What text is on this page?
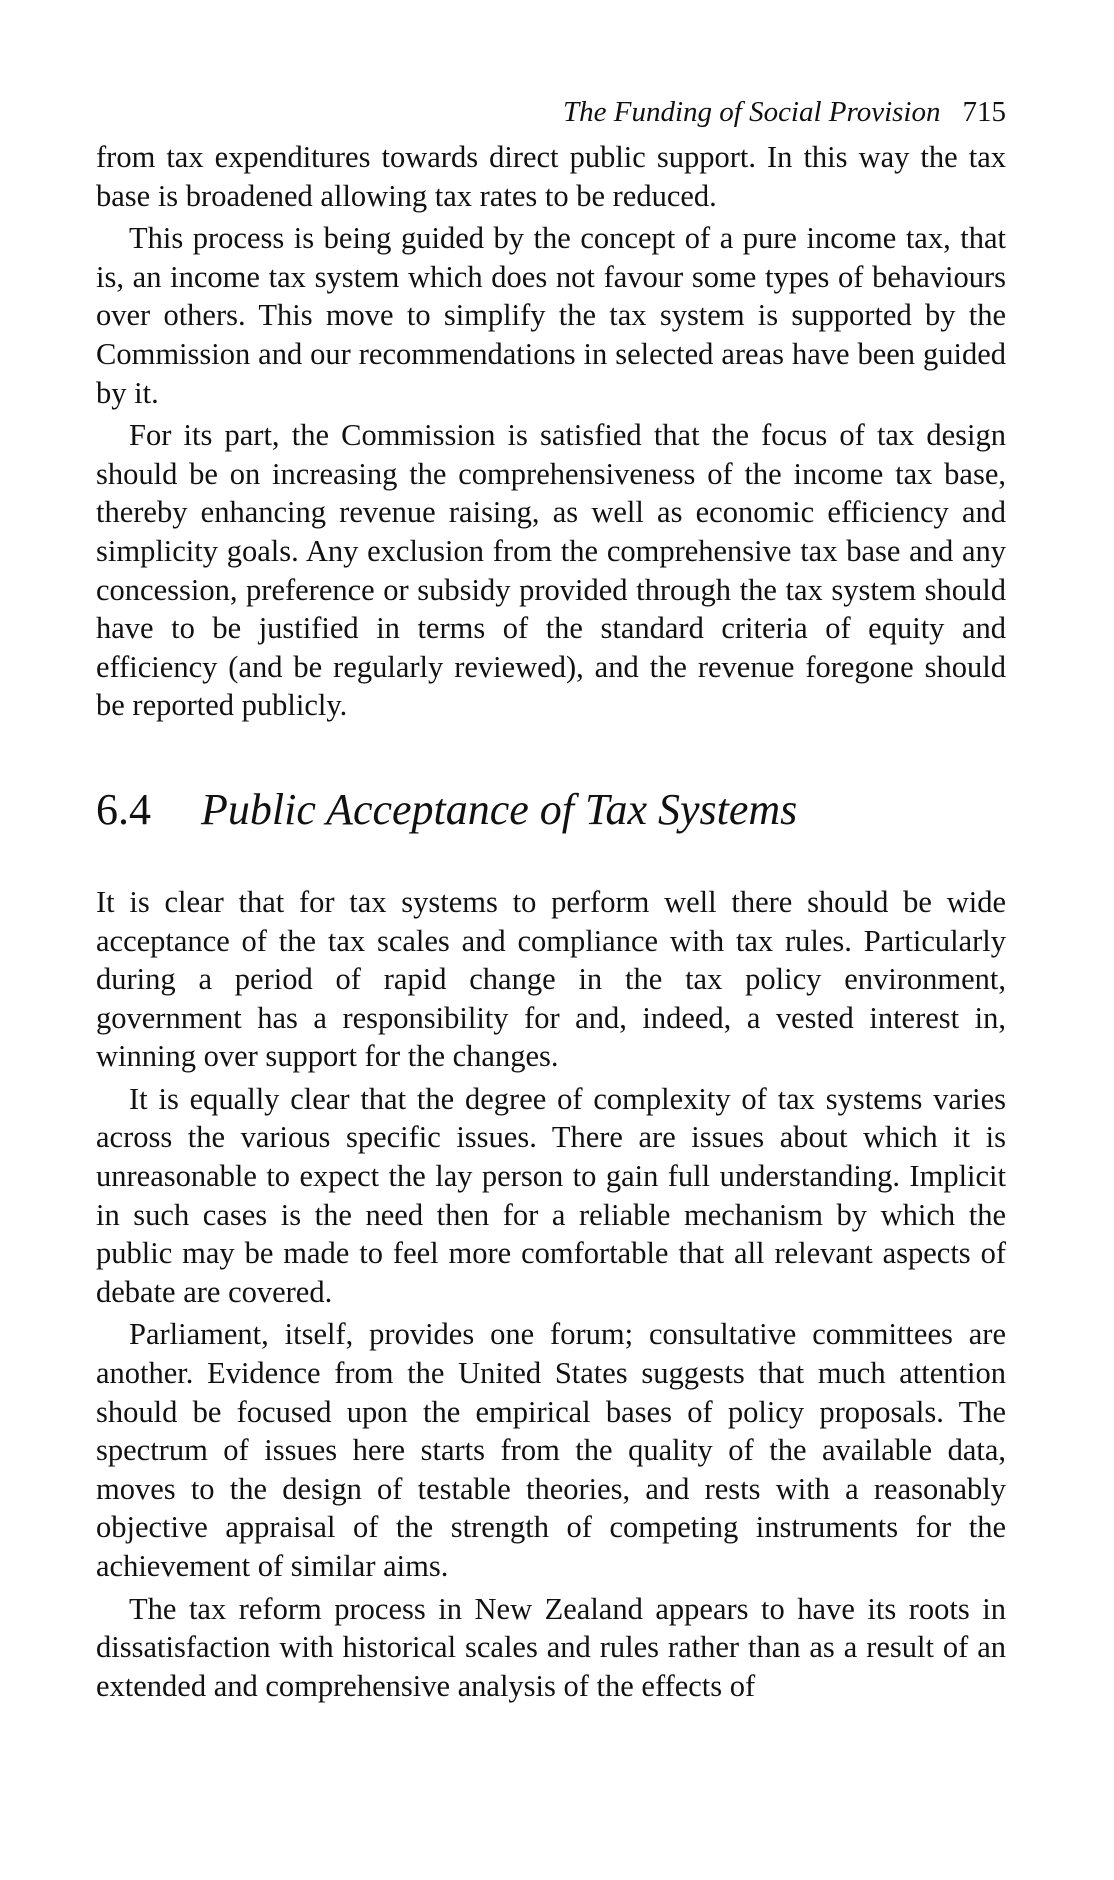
The Funding of Social Provision 715

from tax expenditures towards direct public support. In this way the tax base is broadened allowing tax rates to be reduced.

This process is being guided by the concept of a pure income tax, that is, an income tax system which does not favour some types of behaviours over others. This move to simplify the tax system is supported by the Commission and our recommendations in selected areas have been guided by it.

For its part, the Commission is satisfied that the focus of tax design should be on increasing the comprehensiveness of the income tax base, thereby enhancing revenue raising, as well as economic efficiency and simplicity goals. Any exclusion from the comprehensive tax base and any concession, preference or subsidy provided through the tax system should have to be justified in terms of the standard criteria of equity and efficiency (and be regularly reviewed), and the revenue foregone should be reported publicly.

6.4	Public Acceptance of Tax Systems

It is clear that for tax systems to perform well there should be wide acceptance of the tax scales and compliance with tax rules. Particularly during a period of rapid change in the tax policy environment, government has a responsibility for and, indeed, a vested interest in, winning over support for the changes.

It is equally clear that the degree of complexity of tax systems varies across the various specific issues. There are issues about which it is unreasonable to expect the lay person to gain full understanding. Implicit in such cases is the need then for a reliable mechanism by which the public may be made to feel more comfortable that all relevant aspects of debate are covered.

Parliament, itself, provides one forum; consultative committees are another. Evidence from the United States suggests that much attention should be focused upon the empirical bases of policy proposals. The spectrum of issues here starts from the quality of the available data, moves to the design of testable theories, and rests with a reasonably objective appraisal of the strength of competing instruments for the achievement of similar aims.

The tax reform process in New Zealand appears to have its roots in dissatisfaction with historical scales and rules rather than as a result of an extended and comprehensive analysis of the effects of
